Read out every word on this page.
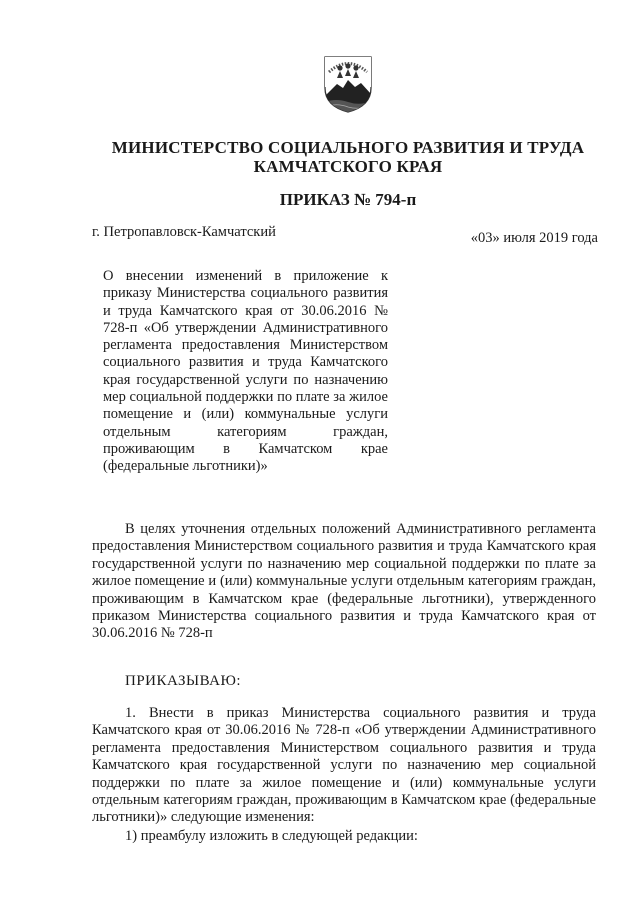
МИНИСТЕРСТВО СОЦИАЛЬНОГО РАЗВИТИЯ И ТРУДА
КАМЧАТСКОГО КРАЯ
ПРИКАЗ № 794-п
г. Петропавловск-Камчатский	«03» июля 2019 года
О внесении изменений в приложение к приказу Министерства социального развития и труда Камчатского края от 30.06.2016 № 728-п «Об утверждении Административного регламента предоставления Министерством социального развития и труда Камчатского края государственной услуги по назначению мер социальной поддержки по плате за жилое помещение и (или) коммунальные услуги отдельным категориям граждан, проживающим в Камчатском крае (федеральные льготники)»
В целях уточнения отдельных положений Административного регламента предоставления Министерством социального развития и труда Камчатского края государственной услуги по назначению мер социальной поддержки по плате за жилое помещение и (или) коммунальные услуги отдельным категориям граждан, проживающим в Камчатском крае (федеральные льготники), утвержденного приказом Министерства социального развития и труда Камчатского края от 30.06.2016 № 728-п
ПРИКАЗЫВАЮ:
1. Внести в приказ Министерства социального развития и труда Камчатского края от 30.06.2016 № 728-п «Об утверждении Административного регламента предоставления Министерством социального развития и труда Камчатского края государственной услуги по назначению мер социальной поддержки по плате за жилое помещение и (или) коммунальные услуги отдельным категориям граждан, проживающим в Камчатском крае (федеральные льготники)» следующие изменения:
1) преамбулу изложить в следующей редакции:
